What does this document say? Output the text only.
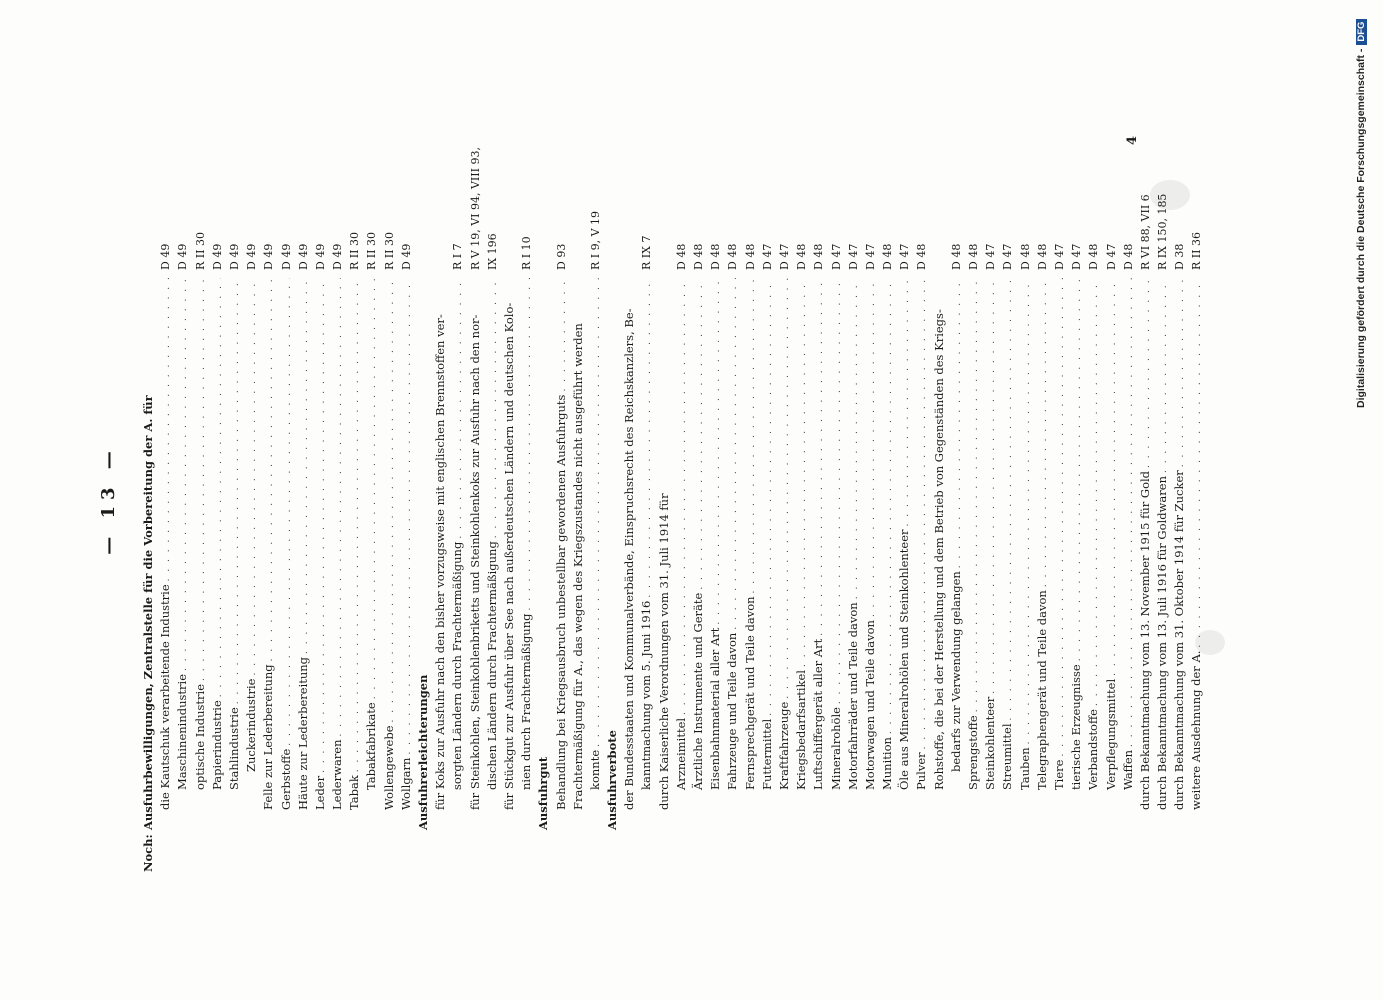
— 13 —
Noch:
Ausfuhrbewilligungen, Zentralstelle für die Vorbereitung der A. für die Kautschuk verarbeitende Industrie
. . .
D 49
Maschinenindustrie
. . .
D 49
optische Industrie
. . .
R II 30
Papierindustrie
. . .
D 49
Stahlindustrie
. . .
D 49
Zuckerindustrie
. . .
D 49
Felle zur Lederbereitung
. . .
D 49
Gerbstoffe
. . .
D 49
Häute zur Lederbereitung
. . .
D 49
Leder
. . .
D 49
Lederwaren
. . .
D 49
Tabak
. . .
R II 30
Tabakfabrikate
. . .
R II 30
Wollengewebe
. . .
R II 30
Wollgarn
. . .
D 49
Ausfuhrerleichterungen für Koks zur Ausfuhr nach den bisher vorzugsweise mit englischen Brennstoffen ver- sorgten Ländern durch Frachtermäßigung
. . .
R I 7
für Steinkohlen, Steinkohlenbriketts und Steinkohlenkoks zur Ausfuhr nach den nor-
R V 19, VI 94, VIII 93,
dischen Ländern durch Frachtermäßigung
. . .
IX 196
für Stückgut zur Ausfuhr über See nach außerdeutschen Ländern und deutschen Kolo- nien durch Frachtermäßigung
. . .
R I 10
Ausfuhrgut Behandlung bei Kriegsausbruch unbestellbar gewordenen Ausfuhrguts
. . .
D 93
Frachtermäßigung für A., das wegen des Kriegszustandes nicht ausgeführt werden konnte
. . .
R I 9, V 19
Ausfuhrverbote der Bundesstaaten und Kommunalverbände, Einspruchsrecht des Reichskanzlers, Be- kanntmachung vom 5. Juni 1916
. . .
R IX 7
durch Kaiserliche Verordnungen vom 31. Juli 1914 für Arzneimittel
. . .
D 48
Ärztliche Instrumente und Geräte
. . .
D 48
Eisenbahnmaterial aller Art
. . .
D 48
Fahrzeuge und Teile davon
. . .
D 48
Fernsprechgerät und Teile davon
. . .
D 48
Futtermittel
. . .
D 47
Kraftfahrzeuge
. . .
D 47
Kriegsbedarfsartikel
. . .
D 48
Luftschiffergerät aller Art
. . .
D 48
Mineralrohöle
. . .
D 47
Motorfahrräder und Teile davon
. . .
D 47
Motorwagen und Teile davon
. . .
D 47
Munition
. . .
D 48
Öle aus Mineralrohölen und Steinkohlenteer
. . .
D 47
Pulver
. . .
D 48
Rohstoffe, die bei der Herstellung und dem Betrieb von Gegenständen des Kriegs- bedarfs zur Verwendung gelangen
. . .
D 48
Sprengstoffe
. . .
D 48
Steinkohlenteer
. . .
D 47
Streumittel
. . .
D 47
Tauben
. . .
D 48
Telegraphengerät und Teile davon
. . .
D 48
Tiere
. . .
D 47
tierische Erzeugnisse
. . .
D 47
Verbandstoffe
. . .
D 48
Verpflegungsmittel
. . .
D 47
Waffen
. . .
D 48
durch Bekanntmachung vom 13. November 1915 für Gold
. . .
R VI 88, VII 6
durch Bekanntmachung vom 13. Juli 1916 für Goldwaren
. . .
R IX 150, 185
durch Bekanntmachung vom 31. Oktober 1914 für Zucker
. . .
D 38
weitere Ausdehnung der A.
. . .
R II 36
4	Digitalisierung gefördert durch die Deutsche Forschungsgemeinschaft -DFG
